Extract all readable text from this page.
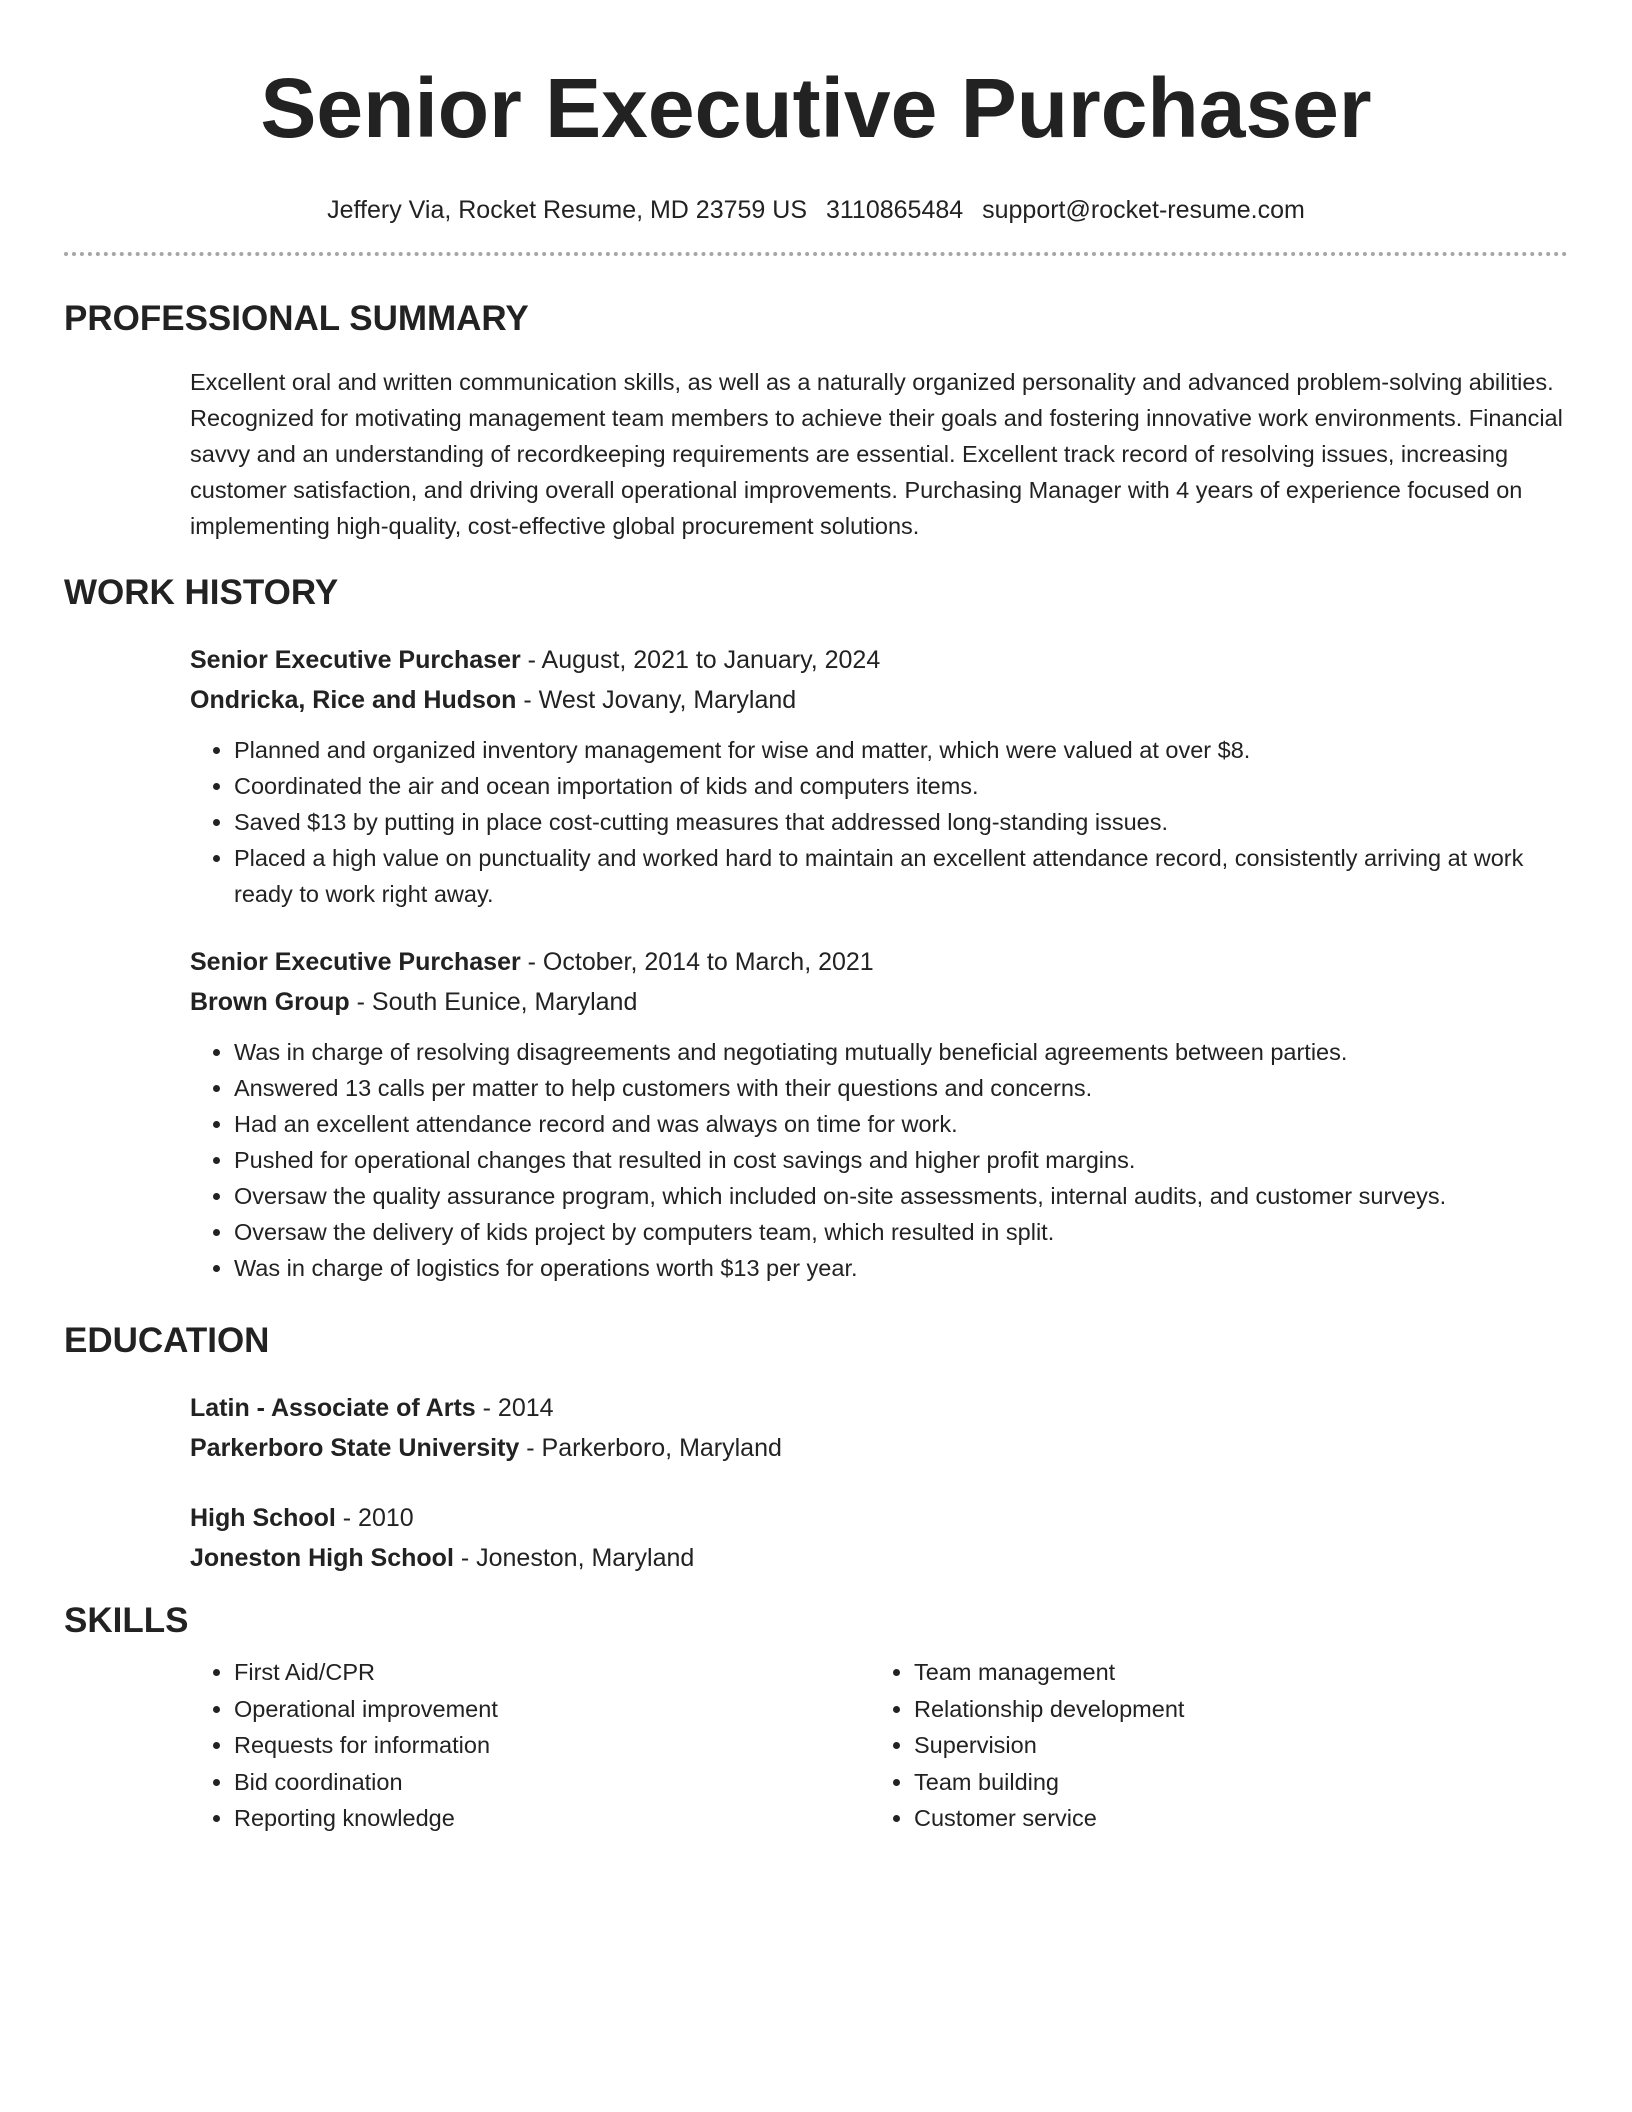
Senior Executive Purchaser
Jeffery Via, Rocket Resume, MD 23759 US 3110865484 support@rocket-resume.com
PROFESSIONAL SUMMARY

Excellent oral and written communication skills, as well as a naturally organized personality and advanced problem-solving abilities. Recognized for motivating management team members to achieve their goals and fostering innovative work environments. Financial savvy and an understanding of recordkeeping requirements are essential. Excellent track record of resolving issues, increasing customer satisfaction, and driving overall operational improvements. Purchasing Manager with 4 years of experience focused on implementing high-quality, cost-effective global procurement solutions.

WORK HISTORY

Senior Executive Purchaser - August, 2021 to January, 2024

Ondricka, Rice and Hudson - West Jovany, Maryland

• Planned and organized inventory management for wise and matter, which were valued at over $8.
• Coordinated the air and ocean importation of kids and computers items.
• Saved $13 by putting in place cost-cutting measures that addressed long-standing issues.
• Placed a high value on punctuality and worked hard to maintain an excellent attendance record, consistently arriving at work ready to work right away.

Senior Executive Purchaser - October, 2014 to March, 2021

Brown Group - South Eunice, Maryland

• Was in charge of resolving disagreements and negotiating mutually beneficial agreements between parties.
• Answered 13 calls per matter to help customers with their questions and concerns.
• Had an excellent attendance record and was always on time for work.
• Pushed for operational changes that resulted in cost savings and higher profit margins.
• Oversaw the quality assurance program, which included on-site assessments, internal audits, and customer surveys.
• Oversaw the delivery of kids project by computers team, which resulted in split.
• Was in charge of logistics for operations worth $13 per year.
EDUCATION

Latin - Associate of Arts - 2014

Parkerboro State University - Parkerboro, Maryland

High School - 2010

Joneston High School - Joneston, Maryland

SKILLS
• First Aid/CPR
• Operational improvement
• Requests for information
• Bid coordination
• Reporting knowledge
• Team management
• Relationship development
• Supervision
• Team building
• Customer service
